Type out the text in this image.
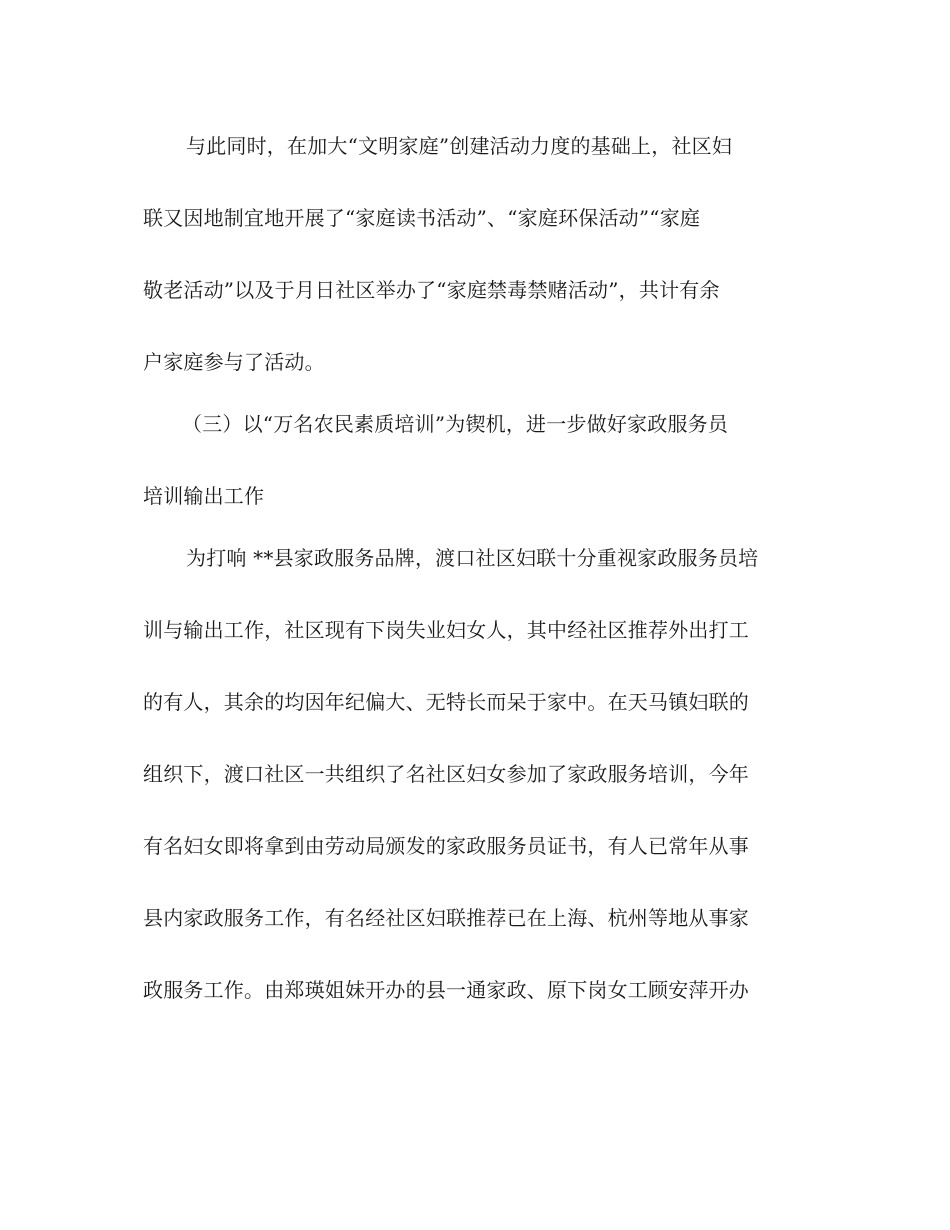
与此同时，在加大“文明家庭”创建活动力度的基础上，社区妇
联又因地制宜地开展了“家庭读书活动”、“家庭环保活动”“家庭
敬老活动”以及于月日社区举办了“家庭禁毒禁赌活动”，共计有余
户家庭参与了活动。
（三）以“万名农民素质培训”为锲机，进一步做好家政服务员
培训输出工作
为打响 **县家政服务品牌，渡口社区妇联十分重视家政服务员培
训与输出工作，社区现有下岗失业妇女人，其中经社区推荐外出打工
的有人，其余的均因年纪偏大、无特长而呆于家中。在天马镇妇联的
组织下，渡口社区一共组织了名社区妇女参加了家政服务培训，今年
有名妇女即将拿到由劳动局颁发的家政服务员证书，有人已常年从事
县内家政服务工作，有名经社区妇联推荐已在上海、杭州等地从事家
政服务工作。由郑瑛姐妹开办的县一通家政、原下岗女工顾安萍开办
